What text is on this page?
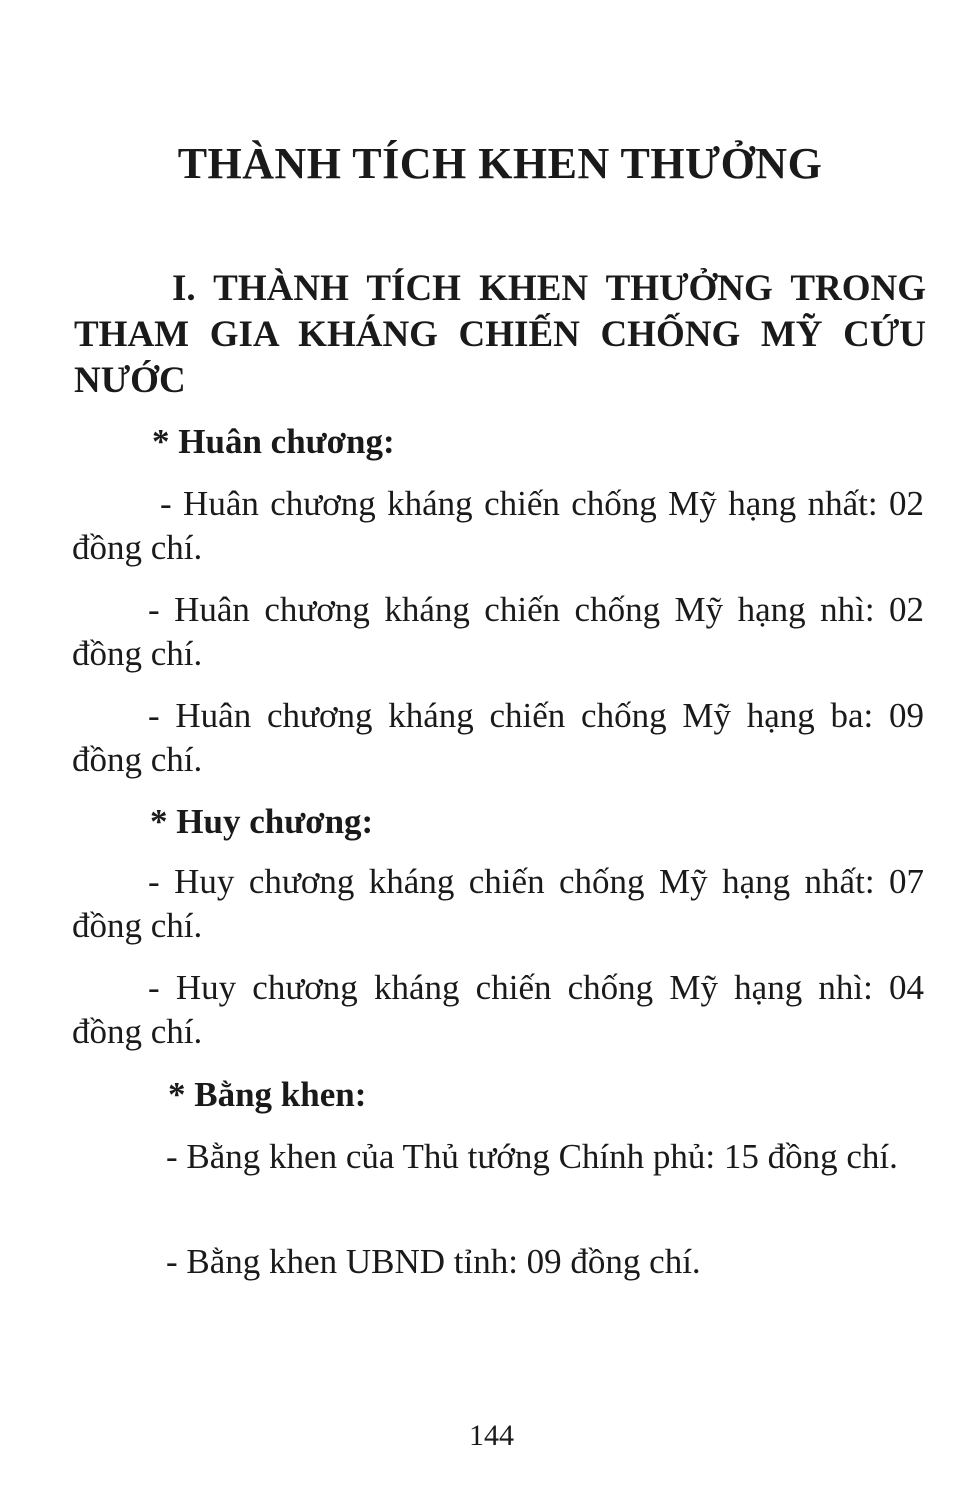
THÀNH TÍCH KHEN THƯỞNG
I. THÀNH TÍCH KHEN THƯỞNG TRONG THAM GIA KHÁNG CHIẾN CHỐNG MỸ CỨU NƯỚC
* Huân chương:
- Huân chương kháng chiến chống Mỹ hạng nhất: 02 đồng chí.
- Huân chương kháng chiến chống Mỹ hạng nhì: 02 đồng chí.
- Huân chương kháng chiến chống Mỹ hạng ba: 09 đồng chí.
* Huy chương:
- Huy chương kháng chiến chống Mỹ hạng nhất: 07 đồng chí.
- Huy chương kháng chiến chống Mỹ hạng nhì: 04 đồng chí.
* Bằng khen:
- Bằng khen của Thủ tướng Chính phủ: 15 đồng chí.
- Bằng khen UBND tỉnh: 09 đồng chí.
144
